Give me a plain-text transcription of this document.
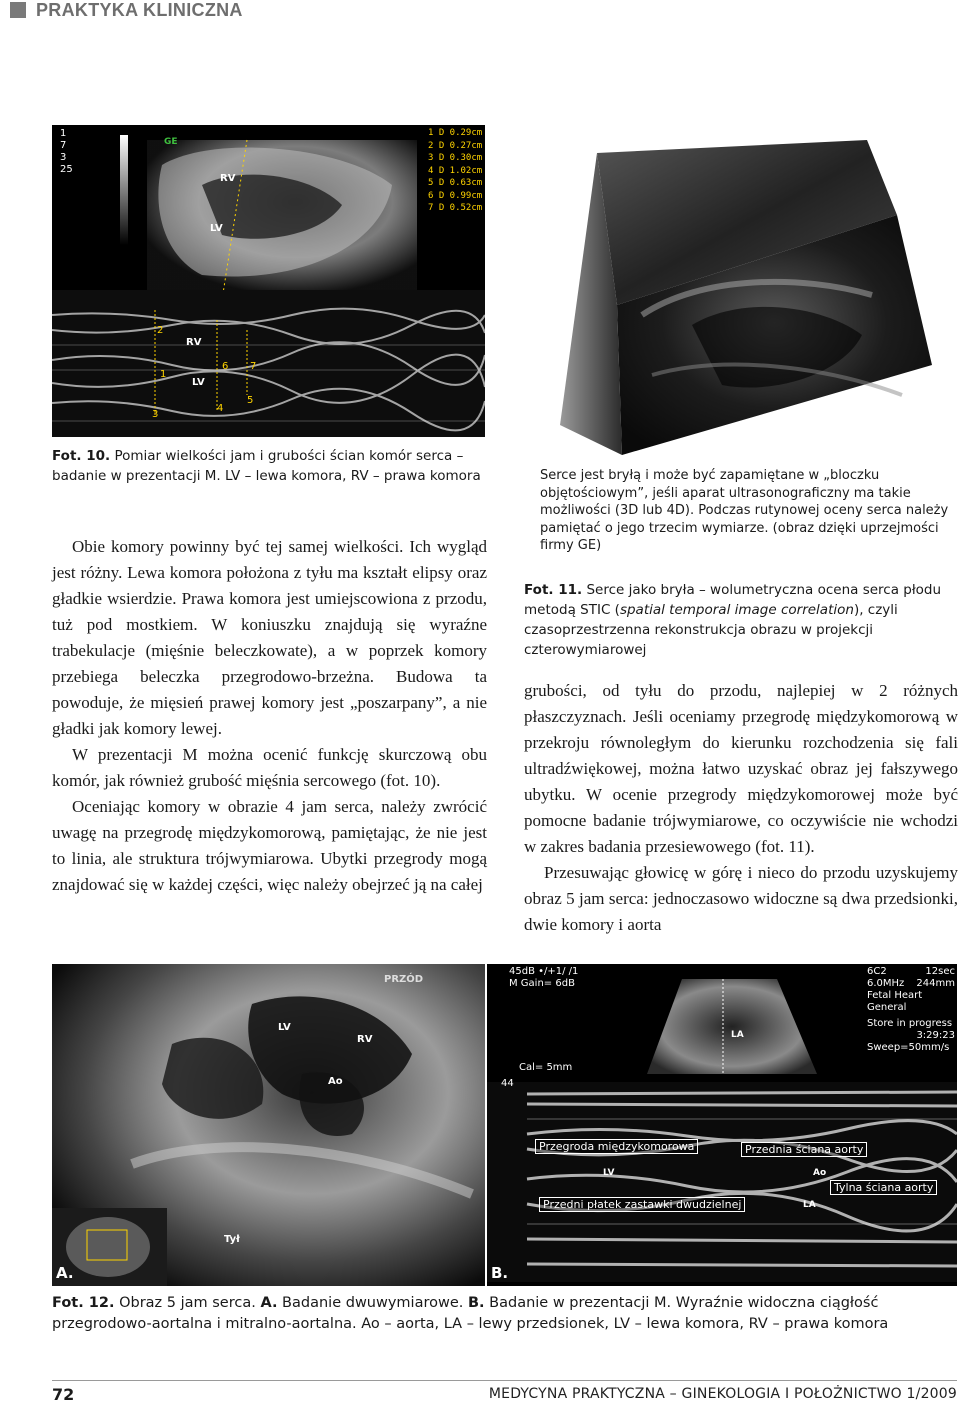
PRAKTYKA KLINICZNA
1
7
3
25
GE
RV
LV
RV
LV
2
1
3
4
5
6 7
1 D 0.29cm
2 D 0.27cm
3 D 0.30cm
4 D 1.02cm
5 D 0.63cm
6 D 0.99cm
7 D 0.52cm
Fot. 10. Pomiar wielkości jam i grubości ścian komór serca – badanie w prezentacji M. LV – lewa komora, RV – prawa komora

Obie komory powinny być tej samej wielkości. Ich wygląd jest różny. Lewa komora położona z tyłu ma kształt elipsy oraz gładkie wsierdzie. Prawa komora jest umiejscowiona z przodu, tuż pod mostkiem. W koniuszku znajdują się wyraźne trabekulacje (mięśnie beleczkowate), a w poprzek komory przebiega beleczka przegrodowo-brzeżna. Budowa ta powoduje, że mięsień prawej komory jest „poszarpany”, a nie gładki jak komory lewej.

W prezentacji M można ocenić funkcję skurczową obu komór, jak również grubość mięśnia sercowego (fot. 10).

Oceniając komory w obrazie 4 jam serca, należy zwrócić uwagę na przegrodę międzykomorową, pamiętając, że nie jest to linia, ale struktura trójwymiarowa. Ubytki przegrody mogą znajdować się w każdej części, więc należy obejrzeć ją na całej

Serce jest bryłą i może być zapamiętane w „bloczku objętościowym”, jeśli aparat ultrasonograficzny ma takie możliwości (3D lub 4D). Podczas rutynowej oceny serca należy pamiętać o jego trzecim wymiarze. (obraz dzięki uprzejmości firmy GE)
Fot. 11. Serce jako bryła – wolumetryczna ocena serca płodu metodą STIC (spatial temporal image correlation), czyli czasoprzestrzenna rekonstrukcja obrazu w projekcji czterowymiarowej

grubości, od tyłu do przodu, najlepiej w 2 różnych płaszczyznach. Jeśli oceniamy przegrodę międzykomorową w przekroju równoległym do kierunku rozchodzenia się fali ultradźwiękowej, można łatwo uzyskać obraz jej fałszywego ubytku. W ocenie przegrody międzykomorowej może być pomocne badanie trójwymiarowe, co oczywiście nie wchodzi w zakres badania przesiewowego (fot. 11).

Przesuwając głowicę w górę i nieco do przodu uzyskujemy obraz 5 jam serca: jednoczasowo widoczne są dwa przedsionki, dwie komory i aorta

PRZÓD
LV
RV
Ao
Tył
A.
45dB •/+1/ /1
M Gain= 6dB
6C2	12sec
6.0MHz 244mm
Fetal Heart
General
Store in progress
3:29:23
Sweep=50mm/s
Cal= 5mm
44
LA
Przegroda międzykomorowa	Przednia ściana aorty
Tylna ściana aorty
Przedni płatek zastawki dwudzielnej
LV	Ao
LA
B.
Fot. 12. Obraz 5 jam serca. A. Badanie dwuwymiarowe. B. Badanie w prezentacji M. Wyraźnie widoczna ciągłość przegrodowo-aortalna i mitralno-aortalna. Ao – aorta, LA – lewy przedsionek, LV – lewa komora, RV – prawa komora
72	MEDYCYNA PRAKTYCZNA – GINEKOLOGIA I POŁOŻNICTWO 1/2009
